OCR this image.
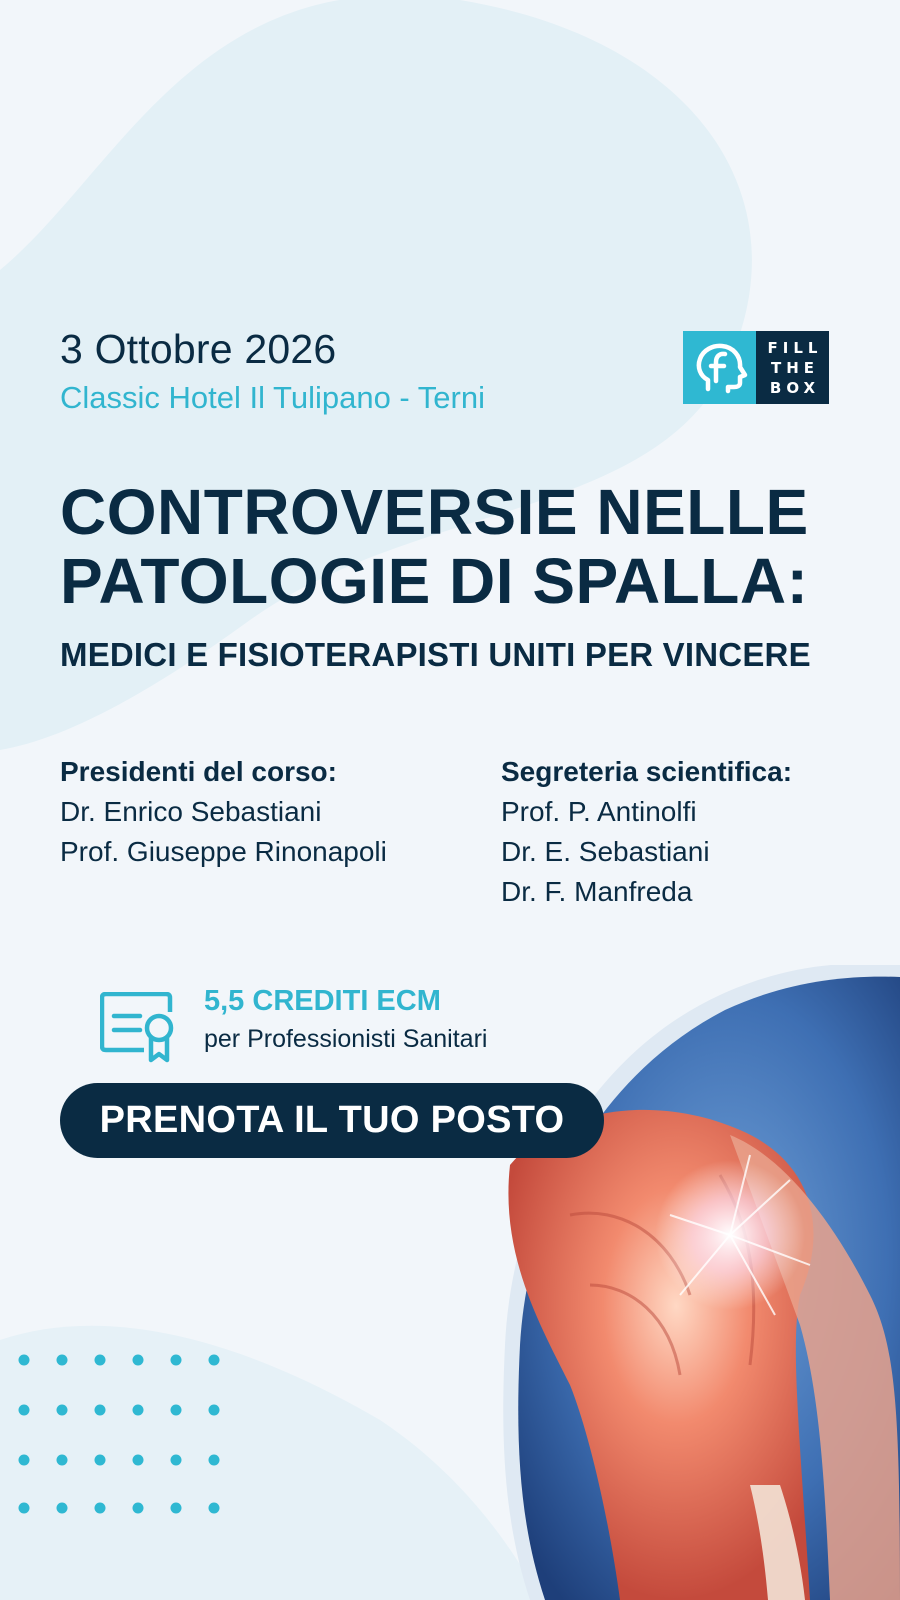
3 Ottobre 2026
Classic Hotel Il Tulipano - Terni
FILL
THE
BOX
CONTROVERSIE NELLE
PATOLOGIE DI SPALLA:
MEDICI E FISIOTERAPISTI UNITI PER VINCERE
Presidenti del corso:
Dr. Enrico Sebastiani
Prof. Giuseppe Rinonapoli
Segreteria scientifica:
Prof. P. Antinolfi
Dr. E. Sebastiani
Dr. F. Manfreda
5,5 CREDITI ECM
per Professionisti Sanitari
PRENOTA IL TUO POSTO
